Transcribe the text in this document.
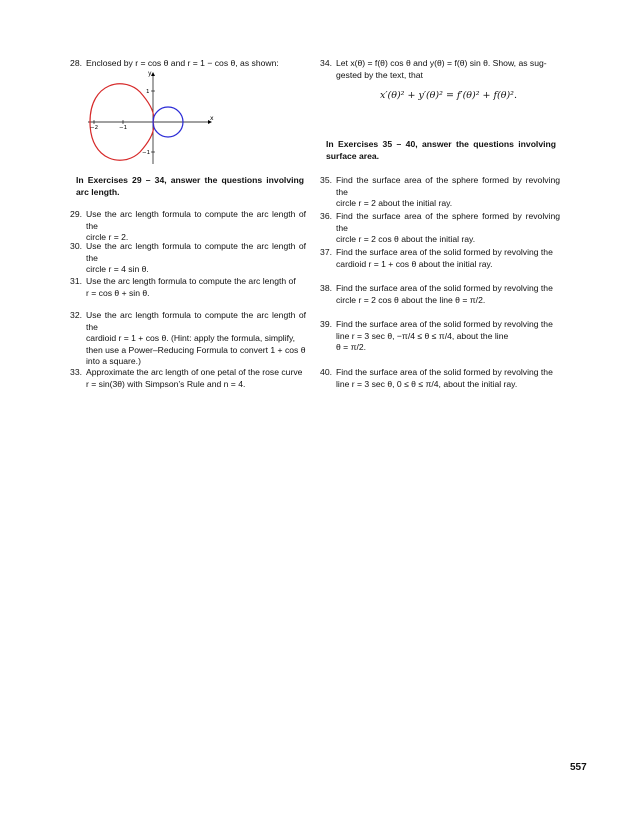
28. Enclosed by r = cos θ and r = 1 − cos θ, as shown:
x
y
−2	−1
1
−1
In Exercises 29 – 34, answer the questions involving arc length.
29. Use the arc length formula to compute the arc length of the
circle r = 2.
30. Use the arc length formula to compute the arc length of the
circle r = 4 sin θ.
31. Use the arc length formula to compute the arc length of
r = cos θ + sin θ.
32. Use the arc length formula to compute the arc length of the
cardioid r = 1 + cos θ. (Hint: apply the formula, simplify,
then use a Power–Reducing Formula to convert 1 + cos θ
into a square.)
33. Approximate the arc length of one petal of the rose curve
r = sin(3θ) with Simpson’s Rule and n = 4.
34. Let x(θ) = f(θ) cos θ and y(θ) = f(θ) sin θ. Show, as sug-
gested by the text, that
x′(θ)² + y′(θ)² = f′(θ)² + f(θ)².
In Exercises 35 – 40, answer the questions involving surface area.
35. Find the surface area of the sphere formed by revolving the
circle r = 2 about the initial ray.
36. Find the surface area of the sphere formed by revolving the
circle r = 2 cos θ about the initial ray.
37. Find the surface area of the solid formed by revolving the
cardioid r = 1 + cos θ about the initial ray.
38. Find the surface area of the solid formed by revolving the
circle r = 2 cos θ about the line θ = π/2.
39. Find the surface area of the solid formed by revolving the
line r = 3 sec θ, −π/4 ≤ θ ≤ π/4, about the line
θ = π/2.
40. Find the surface area of the solid formed by revolving the
line r = 3 sec θ, 0 ≤ θ ≤ π/4, about the initial ray.
557
